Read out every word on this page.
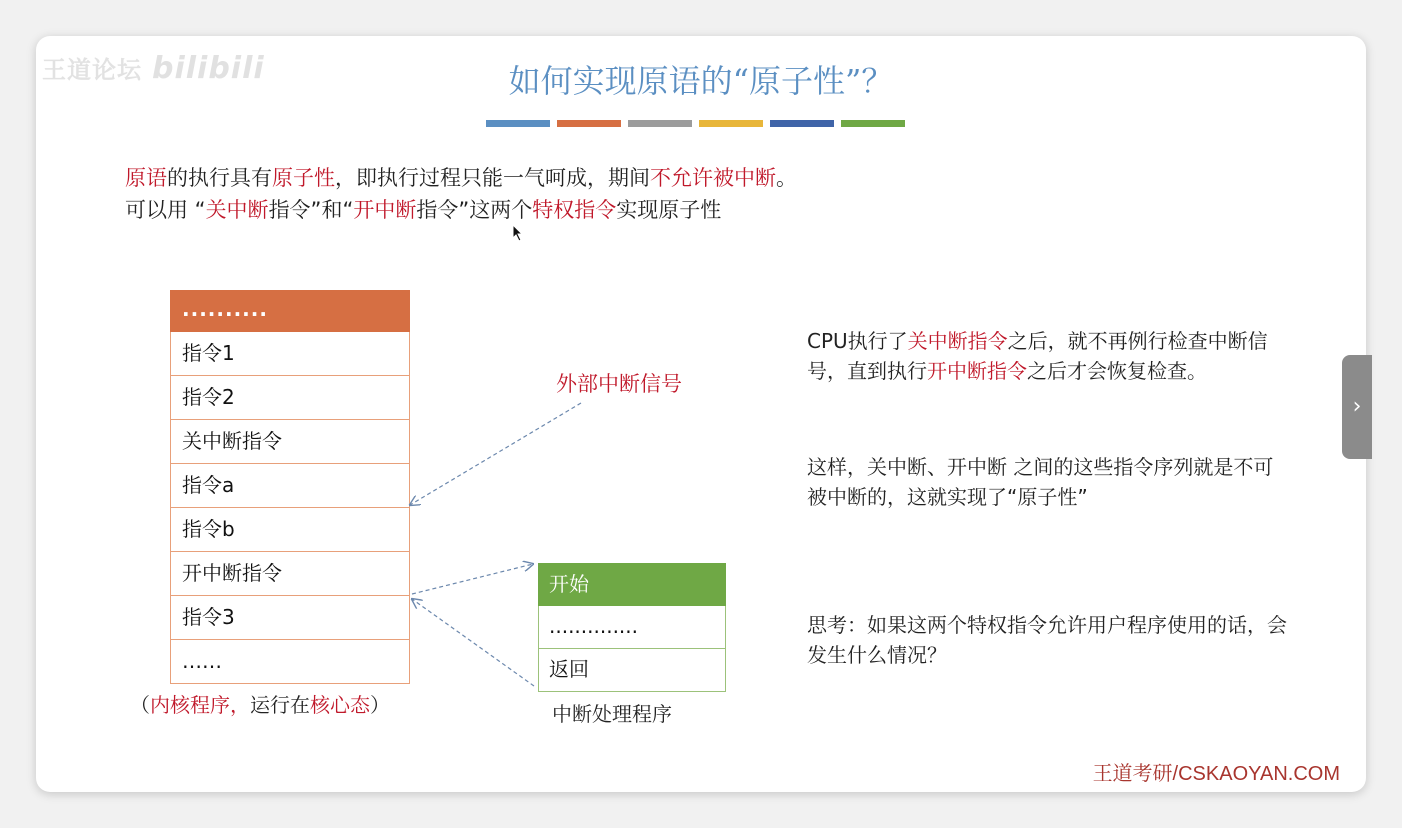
王道论坛 bilibili	如何实现原语的“原子性”？
原语的执行具有原子性，即执行过程只能一气呵成，期间不允许被中断。
可以用 “关中断指令”和“开中断指令”这两个特权指令实现原子性
..........
指令1
指令2
关中断指令
指令a
指令b
开中断指令
指令3
……
（内核程序，运行在核心态）
外部中断信号
开始
..............
返回
中断处理程序
CPU执行了关中断指令之后，就不再例行检查中断信号，直到执行开中断指令之后才会恢复检查。
这样，关中断、开中断 之间的这些指令序列就是不可被中断的，这就实现了“原子性”
思考：如果这两个特权指令允许用户程序使用的话，会发生什么情况？
王道考研/CSKAOYAN.COM
›
